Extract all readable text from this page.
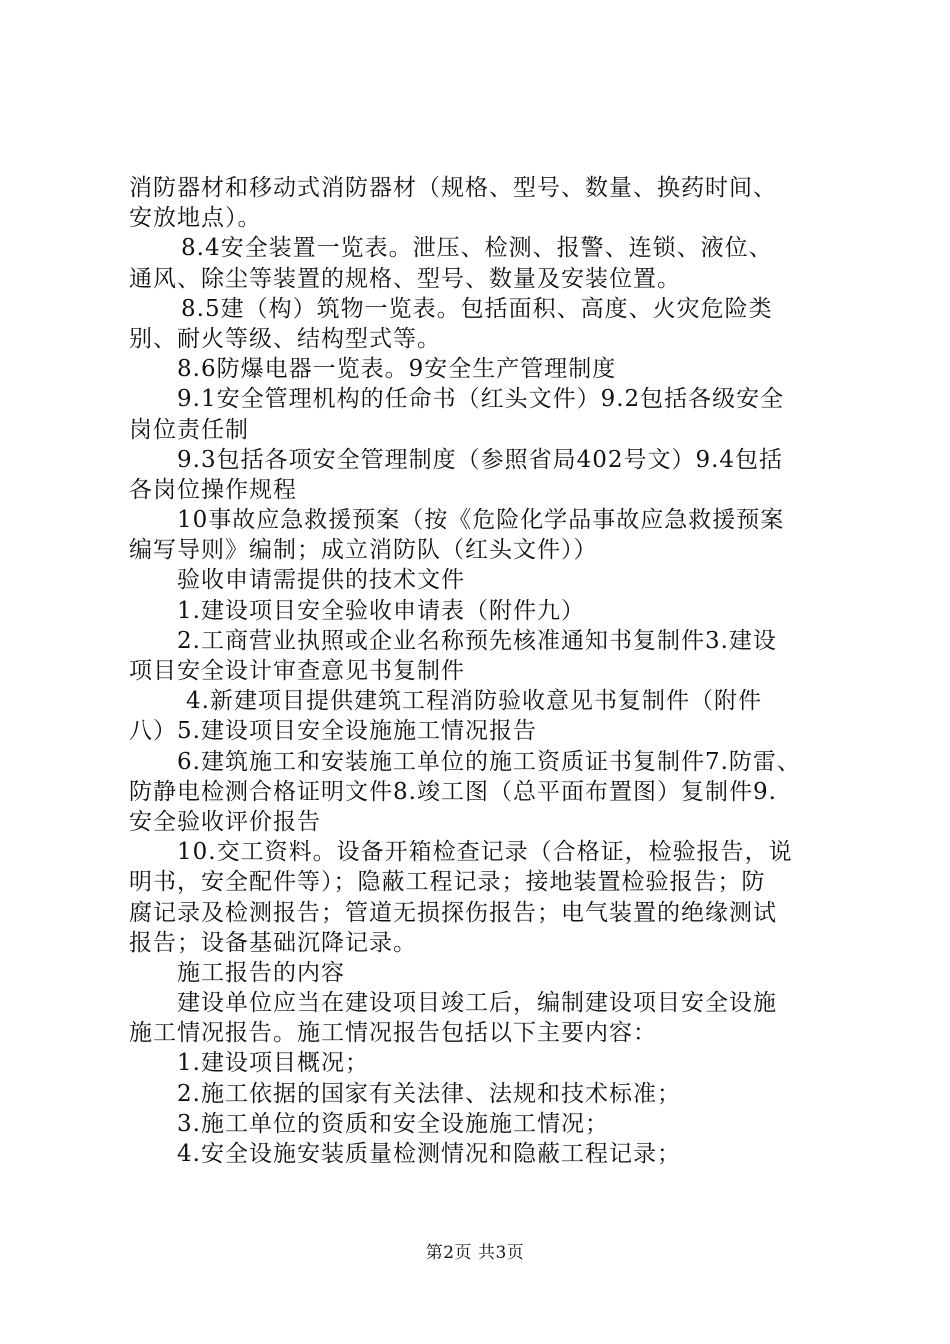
消防器材和移动式消防器材（规格、型号、数量、换药时间、
安放地点）。
8.4安全装置一览表。泄压、检测、报警、连锁、液位、
通风、除尘等装置的规格、型号、数量及安装位置。
8.5建（构）筑物一览表。包括面积、高度、火灾危险类
别、耐火等级、结构型式等。
8.6防爆电器一览表。9安全生产管理制度
9.1安全管理机构的任命书（红头文件）9.2包括各级安全
岗位责任制
9.3包括各项安全管理制度（参照省局402号文）9.4包括
各岗位操作规程
10事故应急救援预案（按《危险化学品事故应急救援预案
编写导则》编制；成立消防队（红头文件））
验收申请需提供的技术文件
1.建设项目安全验收申请表（附件九）
2.工商营业执照或企业名称预先核准通知书复制件3.建设
项目安全设计审查意见书复制件
4.新建项目提供建筑工程消防验收意见书复制件（附件
八）5.建设项目安全设施施工情况报告
6.建筑施工和安装施工单位的施工资质证书复制件7.防雷、
防静电检测合格证明文件8.竣工图（总平面布置图）复制件9.
安全验收评价报告
10.交工资料。设备开箱检查记录（合格证，检验报告，说
明书，安全配件等）；隐蔽工程记录；接地装置检验报告；防
腐记录及检测报告；管道无损探伤报告；电气装置的绝缘测试
报告；设备基础沉降记录。
施工报告的内容
建设单位应当在建设项目竣工后，编制建设项目安全设施
施工情况报告。施工情况报告包括以下主要内容：
1.建设项目概况；
2.施工依据的国家有关法律、法规和技术标准；
3.施工单位的资质和安全设施施工情况；
4.安全设施安装质量检测情况和隐蔽工程记录；
第2页 共3页
